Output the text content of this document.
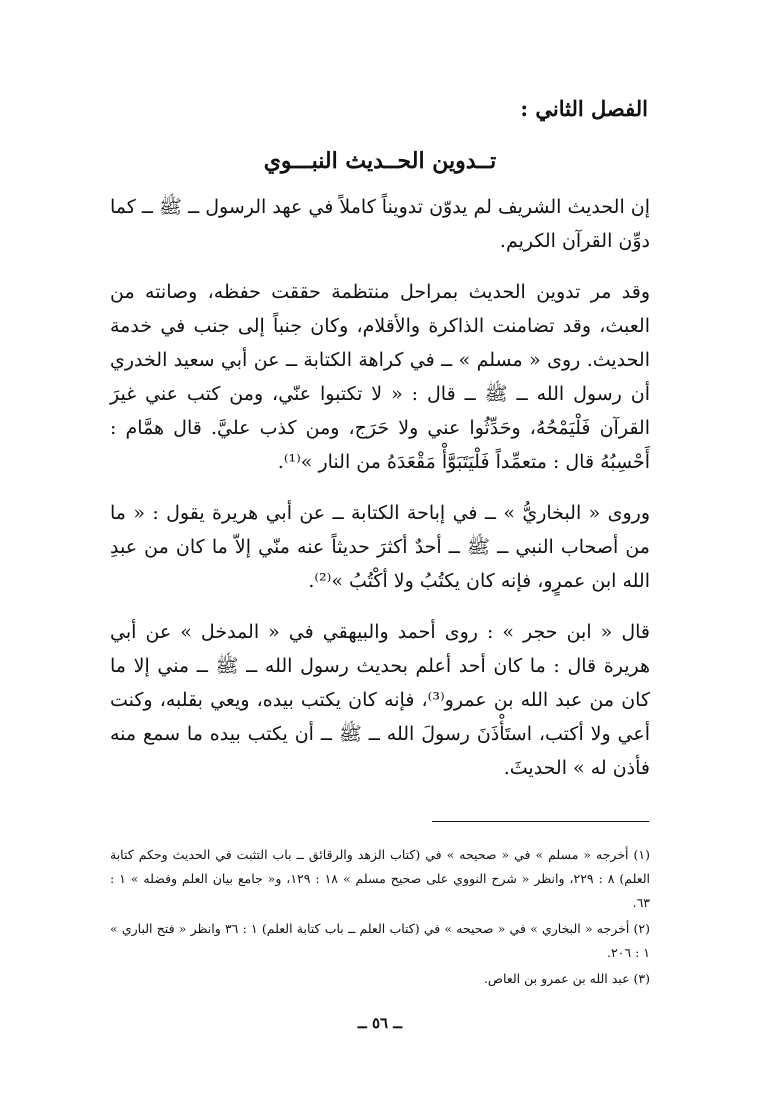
الفصل الثاني :
تــدوين الحــديث النبـــوي

إن الحديث الشريف لم يدوّن تدويناً كاملاً في عهد الرسول ــ ﷺ ــ كما دوِّن القرآن الكريم.

وقد مر تدوين الحديث بمراحل منتظمة حققت حفظه، وصانته من العبث، وقد تضامنت الذاكرة والأقلام، وكان جنباً إلى جنب في خدمة الحديث. روى « مسلم » ــ في كراهة الكتابة ــ عن أبي سعيد الخدري أن رسول الله ــ ﷺ ــ قال : « لا تكتبوا عنّي، ومن كتب عني غيرَ القرآن فَلْيَمْحُهُ، وحَدِّثُوا عني ولا حَرَج، ومن كذب عليَّ. قال همَّام : أَحْسِبُهُ قال : متعمِّداً فَلْيَتَبَوَّأْ مَقْعَدَهُ من النار »⁽¹⁾.

وروى « البخاريُّ » ــ في إباحة الكتابة ــ عن أبي هريرة يقول : « ما من أصحاب النبي ــ ﷺ ــ أحدٌ أكثرَ حديثاً عنه منّي إلاّ ما كان من عبدِ الله ابن عمرٍو، فإنه كان يكتُبُ ولا أكْتُبُ »⁽²⁾.

قال « ابن حجر » : روى أحمد والبيهقي في « المدخل » عن أبي هريرة قال : ما كان أحد أعلم بحديث رسول الله ــ ﷺ ــ مني إلا ما كان من عبد الله بن عمرو⁽³⁾، فإنه كان يكتب بيده، ويعي بقلبه، وكنت أعي ولا أكتب، استَأْذَنَ رسولَ الله ــ ﷺ ــ أن يكتب بيده ما سمع منه فأذن له » الحديثَ.

(١) أخرجه « مسلم » في « صحيحه » في (كتاب الزهد والرقائق ــ باب التثبت في الحديث وحكم كتابة العلم) ٨ : ٢٢٩، وانظر « شرح النووي على صحيح مسلم » ١٨ : ١٢٩، و« جامع بيان العلم وفضله » ١ : ٦٣.
(٢) أخرجه « البخاري » في « صحيحه » في (كتاب العلم ــ باب كتابة العلم) ١ : ٣٦ وانظر « فتح الباري » ١ : ٢٠٦.
(٣) عبد الله بن عمرو بن العاص.
ــ ٥٦ ــ
